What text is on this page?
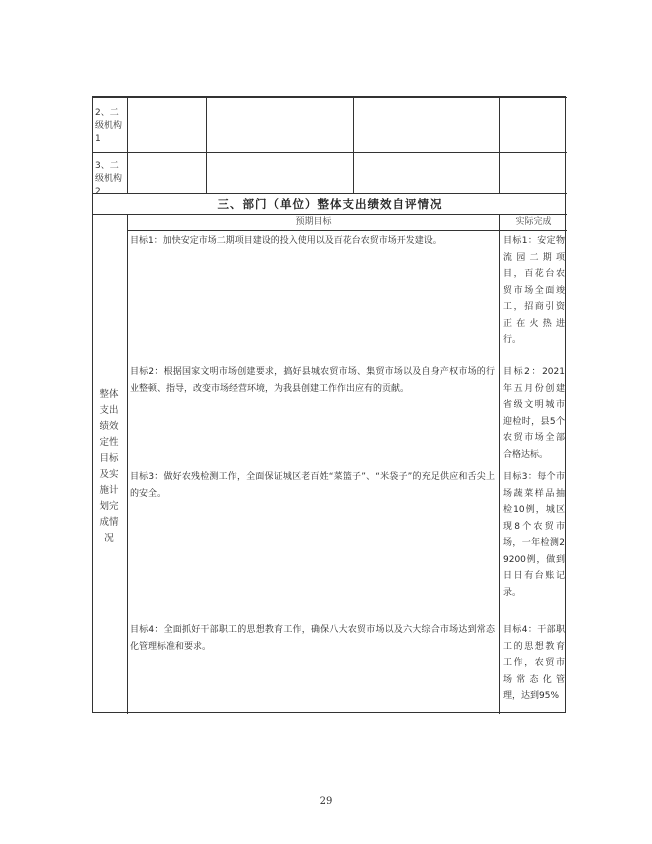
2、二级机构1
3、二级机构2
三、部门（单位）整体支出绩效自评情况
预期目标	实际完成
整体支出绩效定性目标及实施计划完成情况
目标1：加快安定市场二期项目建设的投入使用以及百花台农贸市场开发建设。	目标1：安定物流园二期项目，百花台农贸市场全面竣工，招商引资正在火热进行。
目标2：根据国家文明市场创建要求，搞好县城农贸市场、集贸市场以及自身产权市场的行业整顿、指导，改变市场经营环境，为我县创建工作作出应有的贡献。
目标2：2021年五月份创建省级文明城市迎检时，县5个农贸市场全部合格达标。
目标3：做好农残检测工作，全面保证城区老百姓“菜篮子”、“米袋子”的充足供应和舌尖上的安全。
目标3：每个市场蔬菜样品抽检10例，城区现8个农贸市场，一年检测29200例，做到日日有台账记录。
目标4：全面抓好干部职工的思想教育工作，确保八大农贸市场以及六大综合市场达到常态化管理标准和要求。
目标4：干部职工的思想教育工作，农贸市场常态化管理，达到95%
29
